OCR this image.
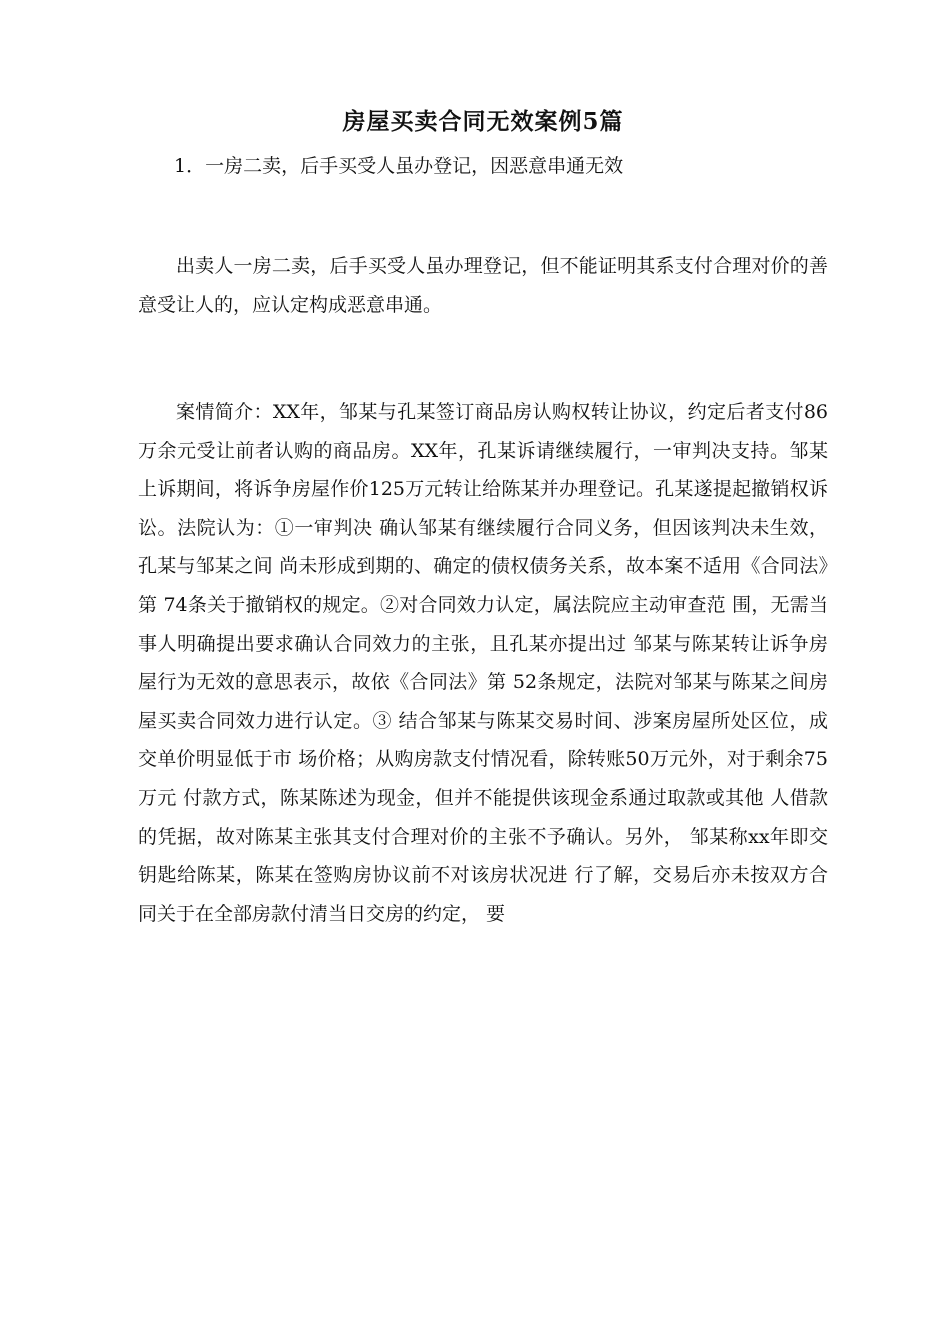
房屋买卖合同无效案例5篇
1．一房二卖，后手买受人虽办登记，因恶意串通无效

出卖人一房二卖，后手买受人虽办理登记，但不能证明其系支付合理对价的善意受让人的，应认定构成恶意串通。

案情简介：XX年，邹某与孔某签订商品房认购权转让协议，约定后者支付86万余元受让前者认购的商品房。XX年，孔某诉请继续履行，一审判决支持。邹某上诉期间，将诉争房屋作价125万元转让给陈某并办理登记。孔某遂提起撤销权诉讼。法院认为：①一审判决 确认邹某有继续履行合同义务，但因该判决未生效，孔某与邹某之间 尚未形成到期的、确定的债权债务关系，故本案不适用《合同法》第 74条关于撤销权的规定。②对合同效力认定，属法院应主动审查范 围，无需当事人明确提出要求确认合同效力的主张，且孔某亦提出过 邹某与陈某转让诉争房屋行为无效的意思表示，故依《合同法》第 52条规定，法院对邹某与陈某之间房屋买卖合同效力进行认定。③ 结合邹某与陈某交易时间、涉案房屋所处区位，成交单价明显低于市 场价格；从购房款支付情况看，除转账50万元外，对于剩余75万元 付款方式，陈某陈述为现金，但并不能提供该现金系通过取款或其他 人借款的凭据，故对陈某主张其支付合理对价的主张不予确认。另外， 邹某称xx年即交钥匙给陈某，陈某在签购房协议前不对该房状况进 行了解，交易后亦未按双方合同关于在全部房款付清当日交房的约定， 要
